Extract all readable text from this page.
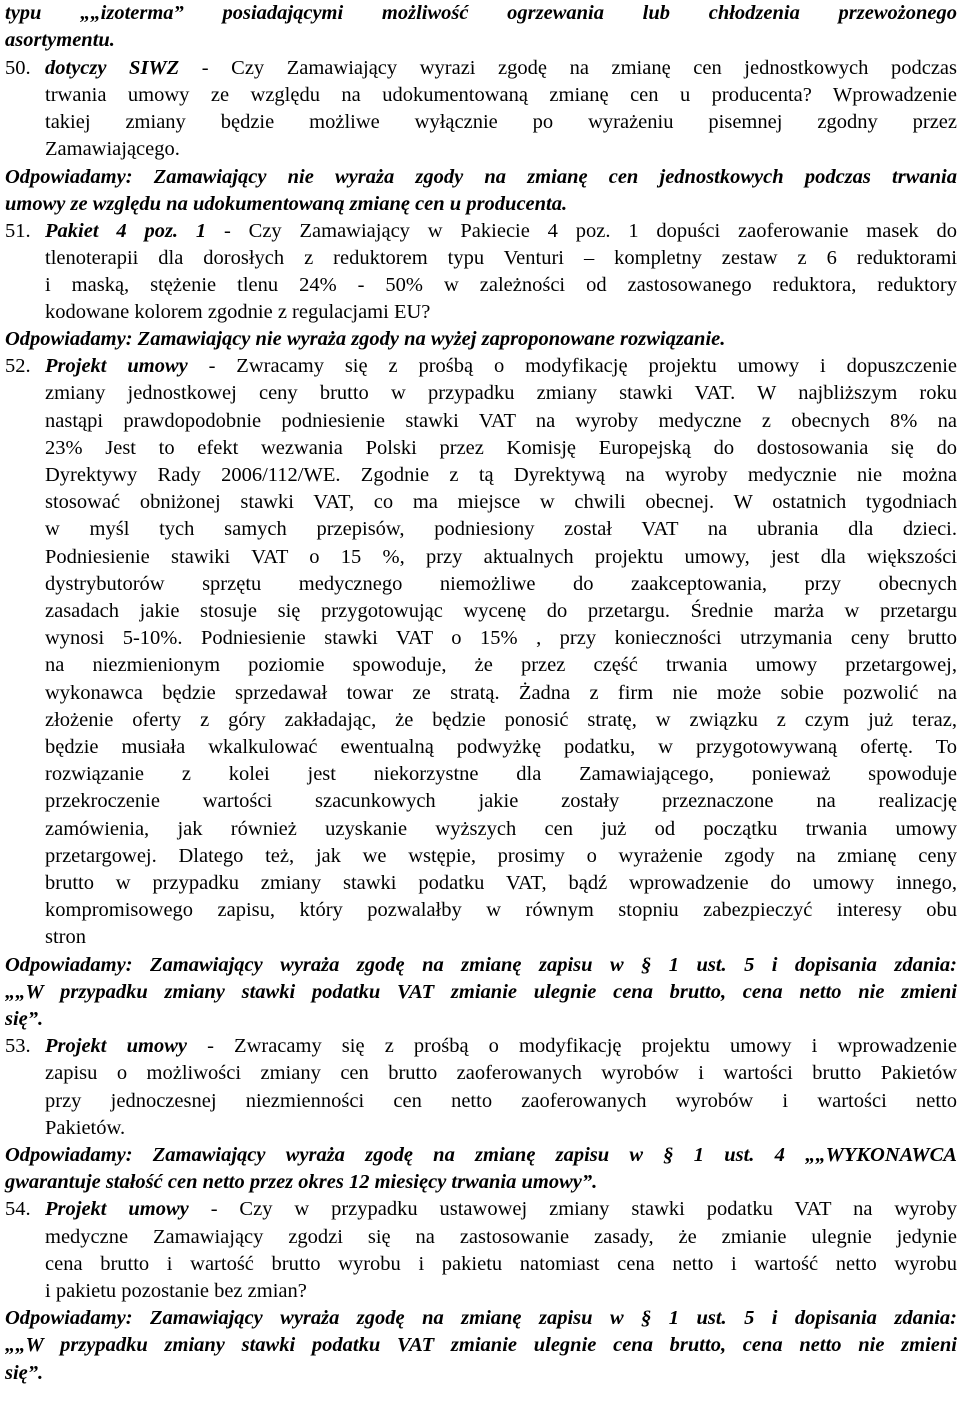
typu „„izoterma” posiadającymi możliwość ogrzewania lub chłodzenia przewożonego
asortymentu.
50. dotyczy SIWZ - Czy Zamawiający wyrazi zgodę na zmianę cen jednostkowych podczas
trwania umowy ze względu na udokumentowaną zmianę cen u producenta? Wprowadzenie
takiej zmiany będzie możliwe wyłącznie po wyrażeniu pisemnej zgodny przez
Zamawiającego.
Odpowiadamy: Zamawiający nie wyraża zgody na zmianę cen jednostkowych podczas trwania
umowy ze względu na udokumentowaną zmianę cen u producenta.
51. Pakiet 4 poz. 1 - Czy Zamawiający w Pakiecie 4 poz. 1 dopuści zaoferowanie masek do
tlenoterapii dla dorosłych z reduktorem typu Venturi – kompletny zestaw z 6 reduktorami
i maską, stężenie tlenu 24% - 50% w zależności od zastosowanego reduktora, reduktory
kodowane kolorem zgodnie z regulacjami EU?
Odpowiadamy: Zamawiający nie wyraża zgody na wyżej zaproponowane rozwiązanie.
52. Projekt umowy - Zwracamy się z prośbą o modyfikację projektu umowy i dopuszczenie
zmiany jednostkowej ceny brutto w przypadku zmiany stawki VAT. W najbliższym roku
nastąpi prawdopodobnie podniesienie stawki VAT na wyroby medyczne z obecnych 8% na
23% Jest to efekt wezwania Polski przez Komisję Europejską do dostosowania się do
Dyrektywy Rady 2006/112/WE. Zgodnie z tą Dyrektywą na wyroby medycznie nie można
stosować obniżonej stawki VAT, co ma miejsce w chwili obecnej. W ostatnich tygodniach
w myśl tych samych przepisów, podniesiony został VAT na ubrania dla dzieci.
Podniesienie stawiki VAT o 15 %, przy aktualnych projektu umowy, jest dla większości
dystrybutorów sprzętu medycznego niemożliwe do zaakceptowania, przy obecnych
zasadach jakie stosuje się przygotowując wycenę do przetargu. Średnie marża w przetargu
wynosi 5-10%. Podniesienie stawki VAT o 15% , przy konieczności utrzymania ceny brutto
na niezmienionym poziomie spowoduje, że przez część trwania umowy przetargowej,
wykonawca będzie sprzedawał towar ze stratą. Żadna z firm nie może sobie pozwolić na
złożenie oferty z góry zakładając, że będzie ponosić stratę, w związku z czym już teraz,
będzie musiała wkalkulować ewentualną podwyżkę podatku, w przygotowywaną ofertę. To
rozwiązanie z kolei jest niekorzystne dla Zamawiającego, ponieważ spowoduje
przekroczenie wartości szacunkowych jakie zostały przeznaczone na realizację
zamówienia, jak również uzyskanie wyższych cen już od początku trwania umowy
przetargowej. Dlatego też, jak we wstępie, prosimy o wyrażenie zgody na zmianę ceny
brutto w przypadku zmiany stawki podatku VAT, bądź wprowadzenie do umowy innego,
kompromisowego zapisu, który pozwalałby w równym stopniu zabezpieczyć interesy obu
stron
Odpowiadamy: Zamawiający wyraża zgodę na zmianę zapisu w § 1 ust. 5 i dopisania zdania:
„„W przypadku zmiany stawki podatku VAT zmianie ulegnie cena brutto, cena netto nie zmieni
się”.
53. Projekt umowy - Zwracamy się z prośbą o modyfikację projektu umowy i wprowadzenie
zapisu o możliwości zmiany cen brutto zaoferowanych wyrobów i wartości brutto Pakietów
przy jednoczesnej niezmienności cen netto zaoferowanych wyrobów i wartości netto
Pakietów.
Odpowiadamy: Zamawiający wyraża zgodę na zmianę zapisu w § 1 ust. 4 „„WYKONAWCA
gwarantuje stałość cen netto przez okres 12 miesięcy trwania umowy”.
54. Projekt umowy - Czy w przypadku ustawowej zmiany stawki podatku VAT na wyroby
medyczne Zamawiający zgodzi się na zastosowanie zasady, że zmianie ulegnie jedynie
cena brutto i wartość brutto wyrobu i pakietu natomiast cena netto i wartość netto wyrobu
i pakietu pozostanie bez zmian?
Odpowiadamy: Zamawiający wyraża zgodę na zmianę zapisu w § 1 ust. 5 i dopisania zdania:
„„W przypadku zmiany stawki podatku VAT zmianie ulegnie cena brutto, cena netto nie zmieni
się”.
